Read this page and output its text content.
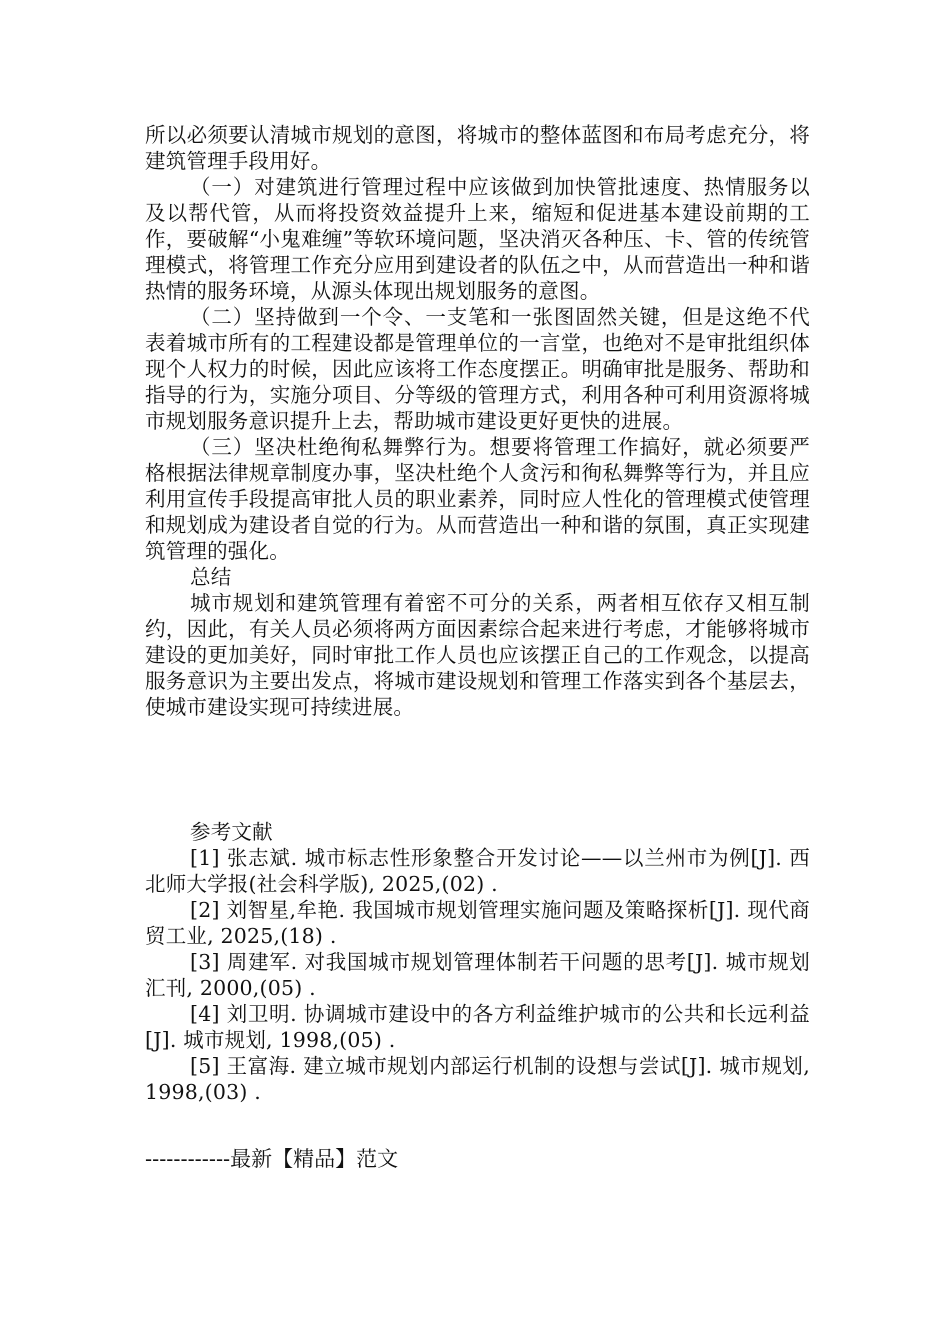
所以必须要认清城市规划的意图，将城市的整体蓝图和布局考虑充分，将建筑管理手段用好。

（一）对建筑进行管理过程中应该做到加快管批速度、热情服务以及以帮代管，从而将投资效益提升上来，缩短和促进基本建设前期的工作，要破解“小鬼难缠”等软环境问题，坚决消灭各种压、卡、管的传统管理模式，将管理工作充分应用到建设者的队伍之中，从而营造出一种和谐热情的服务环境，从源头体现出规划服务的意图。

（二）坚持做到一个令、一支笔和一张图固然关键，但是这绝不代表着城市所有的工程建设都是管理单位的一言堂，也绝对不是审批组织体现个人权力的时候，因此应该将工作态度摆正。明确审批是服务、帮助和指导的行为，实施分项目、分等级的管理方式，利用各种可利用资源将城市规划服务意识提升上去，帮助城市建设更好更快的进展。

（三）坚决杜绝徇私舞弊行为。想要将管理工作搞好，就必须要严格根据法律规章制度办事，坚决杜绝个人贪污和徇私舞弊等行为，并且应利用宣传手段提高审批人员的职业素养，同时应人性化的管理模式使管理和规划成为建设者自觉的行为。从而营造出一种和谐的氛围，真正实现建筑管理的强化。

总结

城市规划和建筑管理有着密不可分的关系，两者相互依存又相互制约，因此，有关人员必须将两方面因素综合起来进行考虑，才能够将城市建设的更加美好，同时审批工作人员也应该摆正自己的工作观念，以提高服务意识为主要出发点，将城市建设规划和管理工作落实到各个基层去，使城市建设实现可持续进展。

参考文献

[1] 张志斌. 城市标志性形象整合开发讨论——以兰州市为例[J]. 西北师大学报(社会科学版), 2025,(02) .

[2] 刘智星,牟艳. 我国城市规划管理实施问题及策略探析[J]. 现代商贸工业, 2025,(18) .

[3] 周建军. 对我国城市规划管理体制若干问题的思考[J]. 城市规划汇刊, 2000,(05) .

[4] 刘卫明. 协调城市建设中的各方利益维护城市的公共和长远利益[J]. 城市规划, 1998,(05) .

[5] 王富海. 建立城市规划内部运行机制的设想与尝试[J]. 城市规划, 1998,(03) .

------------最新【精品】范文
